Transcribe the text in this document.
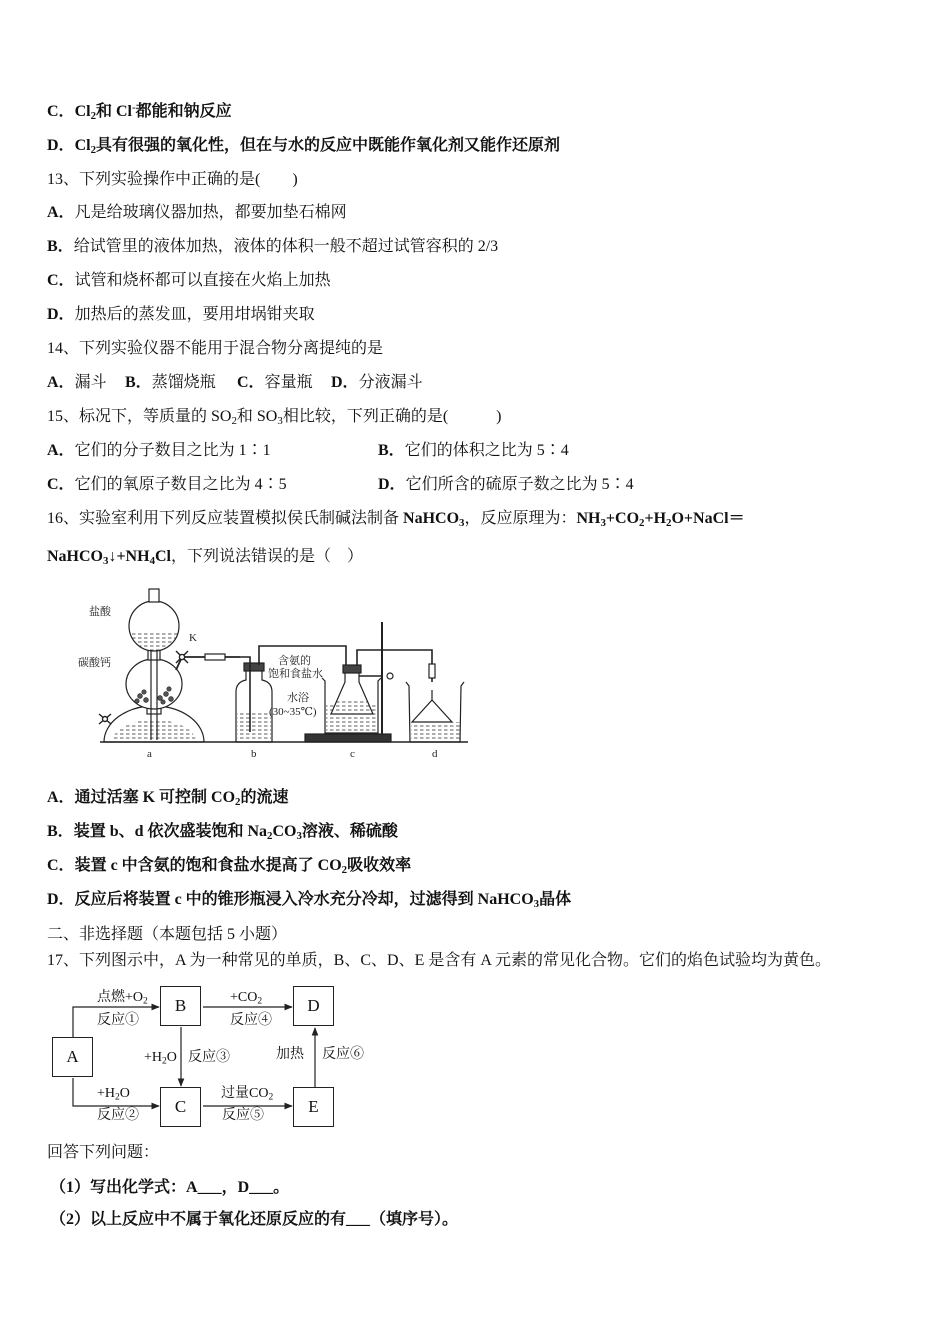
C．$Cl_2$和 Cl-都能和钠反应
D．$Cl_2$具有很强的氧化性，但在与水的反应中既能作氧化剂又能作还原剂
13、下列实验操作中正确的是(　　)
A．凡是给玻璃仪器加热，都要加垫石棉网
B．给试管里的液体加热，液体的体积一般不超过试管容积的 2/3
C．试管和烧杯都可以直接在火焰上加热
D．加热后的蒸发皿，要用坩埚钳夹取
14、下列实验仪器不能用于混合物分离提纯的是
A．漏斗 B．蒸馏烧瓶 C．容量瓶 D．分液漏斗
15、标况下，等质量的 $SO_2$和 $SO_3$相比较，下列正确的是(　　　)
A．它们的分子数目之比为 1∶1	B．它们的体积之比为 5∶4
C．它们的氧原子数目之比为 4∶5	D．它们所含的硫原子数之比为 5∶4
16、实验室利用下列反应装置模拟侯氏制碱法制备 NaHCO$_3$，反应原理为：$NH_3+CO_2+H_2O+NaCl=$
$NaHCO_3↓+NH_4Cl$，下列说法错误的是（　）
盐酸
K
碳酸钙	含氨的
饱和食盐水
水浴
(30~35℃)
a	b	c	d
A．通过活塞 K 可控制 $CO_2$的流速
B．装置 b、d 依次盛装饱和 $Na_2CO_3$溶液、稀硫酸
C．装置 c 中含氨的饱和食盐水提高了 $CO_2$吸收效率
D．反应后将装置 c 中的锥形瓶浸入冷水充分冷却，过滤得到 NaHCO$_3$晶体
二、非选择题（本题包括 5 小题）
17、下列图示中，A 为一种常见的单质，B、C、D、E 是含有 A 元素的常见化合物。它们的焰色试验均为黄色。
A
B	D
C	E
点燃$+O_2$
反应①
$+CO_2$
反应④
$+H_2O$ 反应③	加热 反应⑥
$+H_2O$
反应②
过量$CO_2$
反应⑤
回答下列问题：
（1）写出化学式：A___，D___。
（2）以上反应中不属于氧化还原反应的有___（填序号）。
